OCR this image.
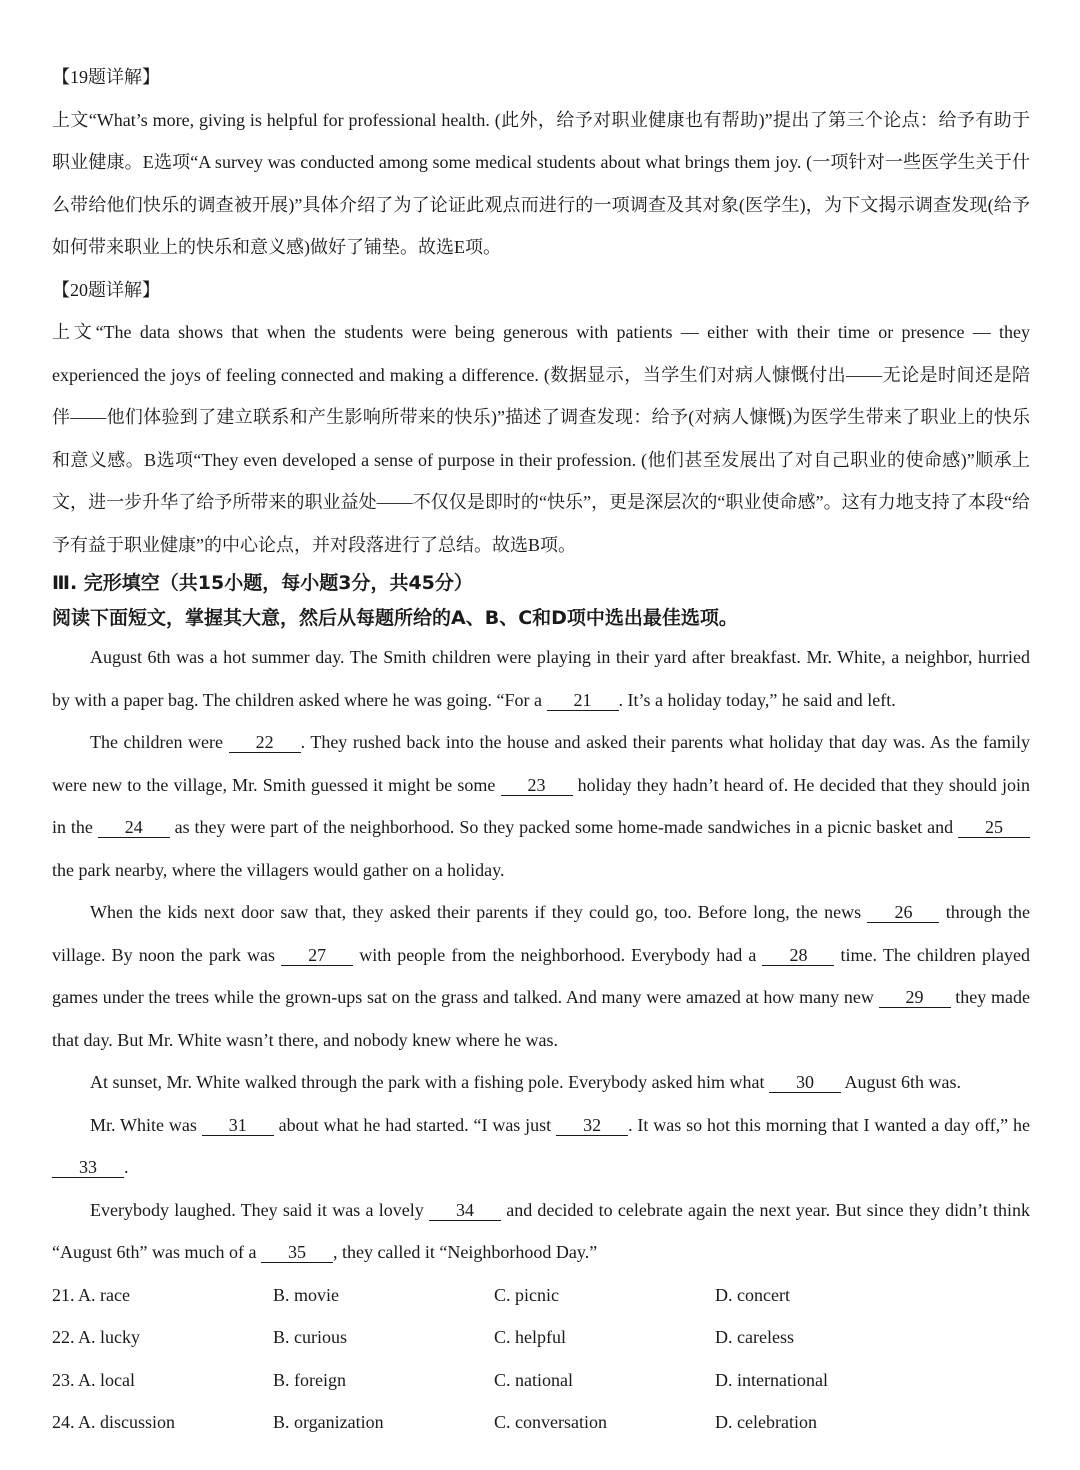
【19题详解】

上文“What’s more, giving is helpful for professional health. (此外，给予对职业健康也有帮助)”提出了第三个论点：给予有助于职业健康。E选项“A survey was conducted among some medical students about what brings them joy. (一项针对一些医学生关于什么带给他们快乐的调查被开展)”具体介绍了为了论证此观点而进行的一项调查及其对象(医学生)，为下文揭示调查发现(给予如何带来职业上的快乐和意义感)做好了铺垫。故选E项。

【20题详解】

上文“The data shows that when the students were being generous with patients — either with their time or presence — they experienced the joys of feeling connected and making a difference. (数据显示，当学生们对病人慷慨付出——无论是时间还是陪伴——他们体验到了建立联系和产生影响所带来的快乐)”描述了调查发现：给予(对病人慷慨)为医学生带来了职业上的快乐和意义感。B选项“They even developed a sense of purpose in their profession. (他们甚至发展出了对自己职业的使命感)”顺承上文，进一步升华了给予所带来的职业益处——不仅仅是即时的“快乐”，更是深层次的“职业使命感”。这有力地支持了本段“给予有益于职业健康”的中心论点，并对段落进行了总结。故选B项。

Ⅲ. 完形填空（共15小题，每小题3分，共45分）

阅读下面短文，掌握其大意，然后从每题所给的A、B、C和D项中选出最佳选项。

August 6th was a hot summer day. The Smith children were playing in their yard after breakfast. Mr. White, a neighbor, hurried by with a paper bag. The children asked where he was going. “For a 21 . It’s a holiday today,” he said and left.

The children were 22 . They rushed back into the house and asked their parents what holiday that day was. As the family were new to the village, Mr. Smith guessed it might be some 23 holiday they hadn’t heard of. He decided that they should join in the 24 as they were part of the neighborhood. So they packed some home-made sandwiches in a picnic basket and 25 the park nearby, where the villagers would gather on a holiday.

When the kids next door saw that, they asked their parents if they could go, too. Before long, the news 26 through the village. By noon the park was 27 with people from the neighborhood. Everybody had a 28 time. The children played games under the trees while the grown-ups sat on the grass and talked. And many were amazed at how many new 29 they made that day. But Mr. White wasn’t there, and nobody knew where he was.

At sunset, Mr. White walked through the park with a fishing pole. Everybody asked him what 30 August 6th was.

Mr. White was 31 about what he had started. “I was just 32 . It was so hot this morning that I wanted a day off,” he 33 .

Everybody laughed. They said it was a lovely 34 and decided to celebrate again the next year. But since they didn’t think “August 6th” was much of a 35 , they called it “Neighborhood Day.”

21. A. race	B. movie	C. picnic	D. concert
22. A. lucky	B. curious	C. helpful	D. careless
23. A. local	B. foreign	C. national	D. international
24. A. discussion	B. organization	C. conversation	D. celebration
